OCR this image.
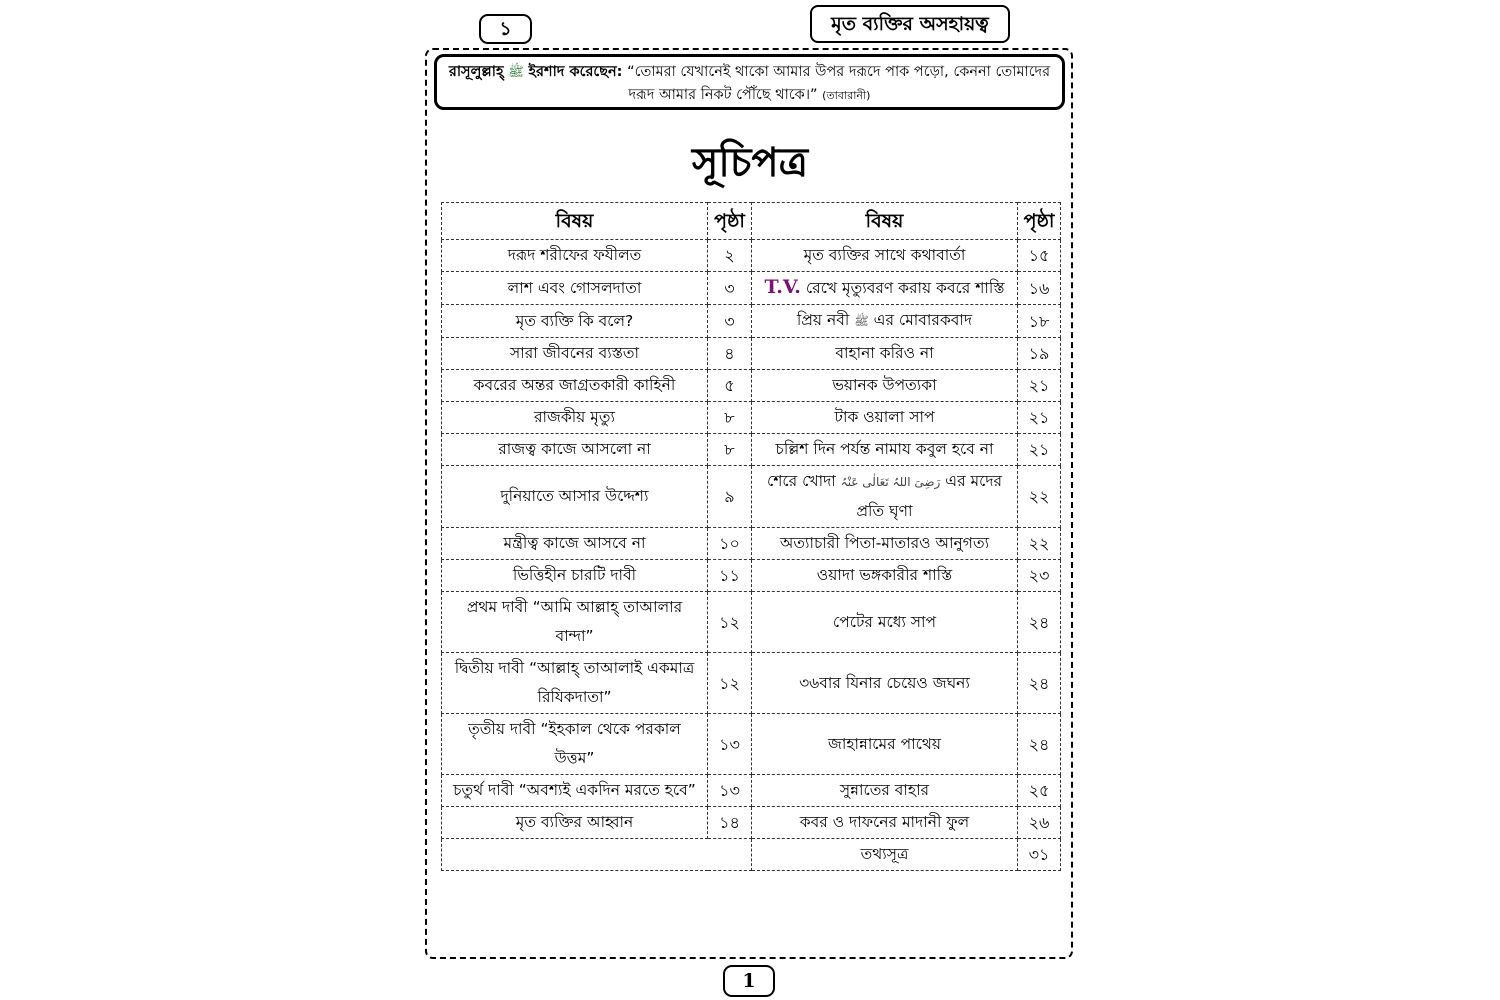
১	মৃত ব্যক্তির অসহায়ত্ব
রাসূলুল্লাহ্ ﷺ ইরশাদ করেছেন: “তোমরা যেখানেই থাকো আমার উপর দরূদে পাক পড়ো, কেননা তোমাদের দরূদ আমার নিকট পৌঁছে থাকে।” (তাবারানী)
সূচিপত্র
বিষয়	পৃষ্ঠা	বিষয়	পৃষ্ঠা
দরূদ শরীফের ফযীলত	২	মৃত ব্যক্তির সাথে কথাবার্তা	১৫
লাশ এবং গোসলদাতা	৩	T.V. রেখে মৃত্যুবরণ করায় কবরে শাস্তি	১৬
মৃত ব্যক্তি কি বলে?	৩	প্রিয় নবী ﷺ এর মোবারকবাদ	১৮
সারা জীবনের ব্যস্ততা	৪	বাহানা করিও না	১৯
কবরের অন্তর জাগ্রতকারী কাহিনী	৫	ভয়ানক উপত্যকা	২১
রাজকীয় মৃত্যু	৮	টাক ওয়ালা সাপ	২১
রাজত্ব কাজে আসলো না	৮	চল্লিশ দিন পর্যন্ত নামায কবুল হবে না	২১
দুনিয়াতে আসার উদ্দেশ্য	৯	শেরে খোদা رَضِیَ اللہُ تَعَالٰی عَنْہُ এর মদের প্রতি ঘৃণা	২২
মন্ত্রীত্ব কাজে আসবে না	১০	অত্যাচারী পিতা-মাতারও আনুগত্য	২২
ভিত্তিহীন চারটি দাবী	১১	ওয়াদা ভঙ্গকারীর শাস্তি	২৩
প্রথম দাবী “আমি আল্লাহ্ তাআলার বান্দা”	১২	পেটের মধ্যে সাপ	২৪
দ্বিতীয় দাবী “আল্লাহ্ তাআলাই একমাত্র রিযিকদাতা”	১২	৩৬বার যিনার চেয়েও জঘন্য	২৪
তৃতীয় দাবী “ইহকাল থেকে পরকাল উত্তম”	১৩	জাহান্নামের পাথেয়	২৪
চতুর্থ দাবী “অবশ্যই একদিন মরতে হবে”	১৩	সুন্নাতের বাহার	২৫
মৃত ব্যক্তির আহ্বান	১৪	কবর ও দাফনের মাদানী ফুল	২৬
		তথ্যসূত্র	৩১
1
